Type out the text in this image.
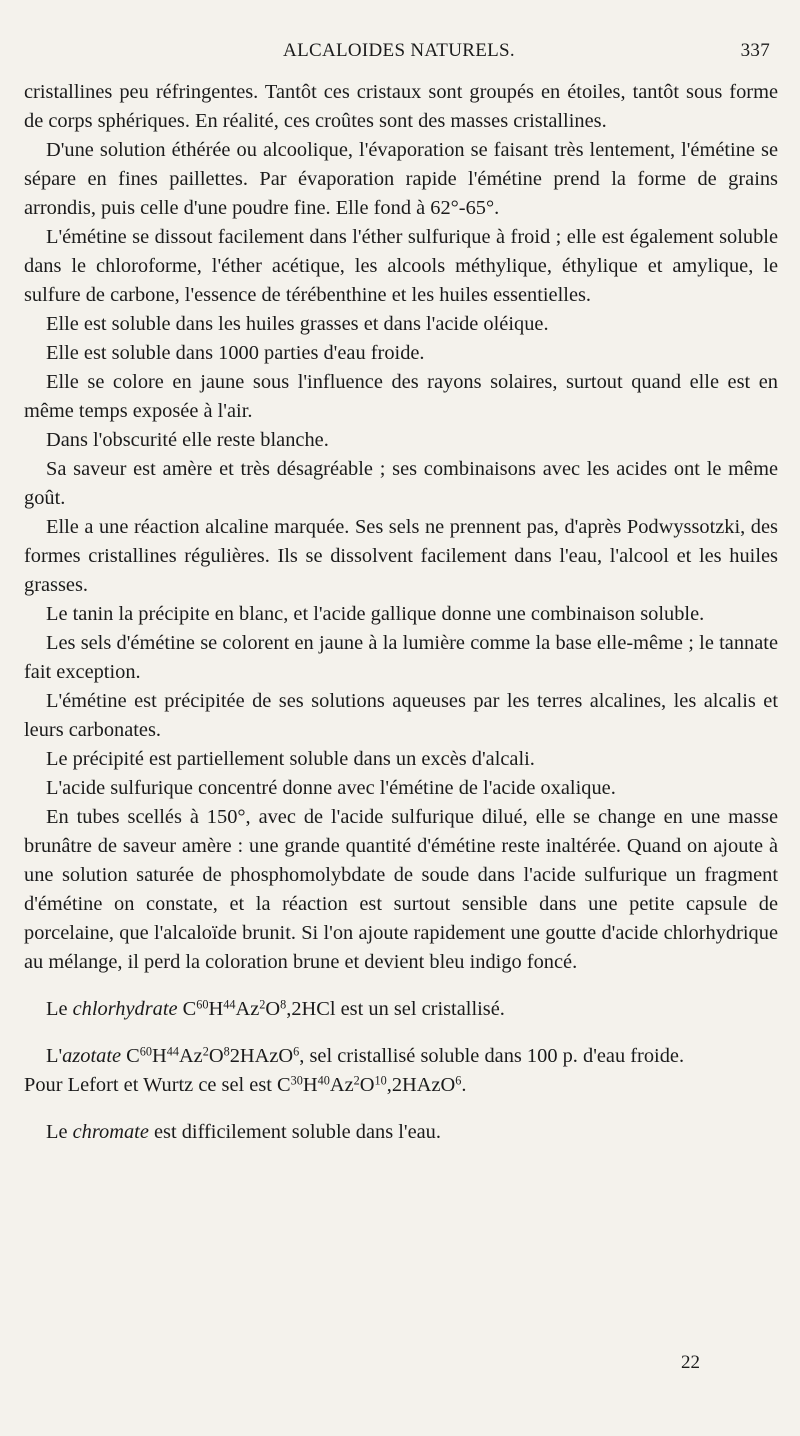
ALCALOIDES NATURELS.	337

cristallines peu réfringentes. Tantôt ces cristaux sont groupés en étoiles, tantôt sous forme de corps sphériques. En réalité, ces croûtes sont des masses cristallines.

D'une solution éthérée ou alcoolique, l'évaporation se faisant très lentement, l'émétine se sépare en fines paillettes. Par évaporation rapide l'émétine prend la forme de grains arrondis, puis celle d'une poudre fine. Elle fond à 62°-65°.

L'émétine se dissout facilement dans l'éther sulfurique à froid ; elle est également soluble dans le chloroforme, l'éther acétique, les alcools méthylique, éthylique et amylique, le sulfure de carbone, l'essence de térébenthine et les huiles essentielles.

Elle est soluble dans les huiles grasses et dans l'acide oléique.

Elle est soluble dans 1000 parties d'eau froide.

Elle se colore en jaune sous l'influence des rayons solaires, surtout quand elle est en même temps exposée à l'air.

Dans l'obscurité elle reste blanche.

Sa saveur est amère et très désagréable ; ses combinaisons avec les acides ont le même goût.

Elle a une réaction alcaline marquée. Ses sels ne prennent pas, d'après Podwyssotzki, des formes cristallines régulières. Ils se dissolvent facilement dans l'eau, l'alcool et les huiles grasses.

Le tanin la précipite en blanc, et l'acide gallique donne une combinaison soluble.

Les sels d'émétine se colorent en jaune à la lumière comme la base elle-même ; le tannate fait exception.

L'émétine est précipitée de ses solutions aqueuses par les terres alcalines, les alcalis et leurs carbonates.

Le précipité est partiellement soluble dans un excès d'alcali.

L'acide sulfurique concentré donne avec l'émétine de l'acide oxalique.

En tubes scellés à 150°, avec de l'acide sulfurique dilué, elle se change en une masse brunâtre de saveur amère : une grande quantité d'émétine reste inaltérée. Quand on ajoute à une solution saturée de phosphomolybdate de soude dans l'acide sulfurique un fragment d'émétine on constate, et la réaction est surtout sensible dans une petite capsule de porcelaine, que l'alcaloïde brunit. Si l'on ajoute rapidement une goutte d'acide chlorhydrique au mélange, il perd la coloration brune et devient bleu indigo foncé.

Le chlorhydrate $C^{60}H^{44}Az^2O^8,2HCl$ est un sel cristallisé.

L'azotate $C^{60}H^{44}Az^2O^82HAzO^6$, sel cristallisé soluble dans 100 p. d'eau froide.
Pour Lefort et Wurtz ce sel est $C^{30}H^{40}Az^2O^{10},2HAzO^6$.

Le chromate est difficilement soluble dans l'eau.

22
